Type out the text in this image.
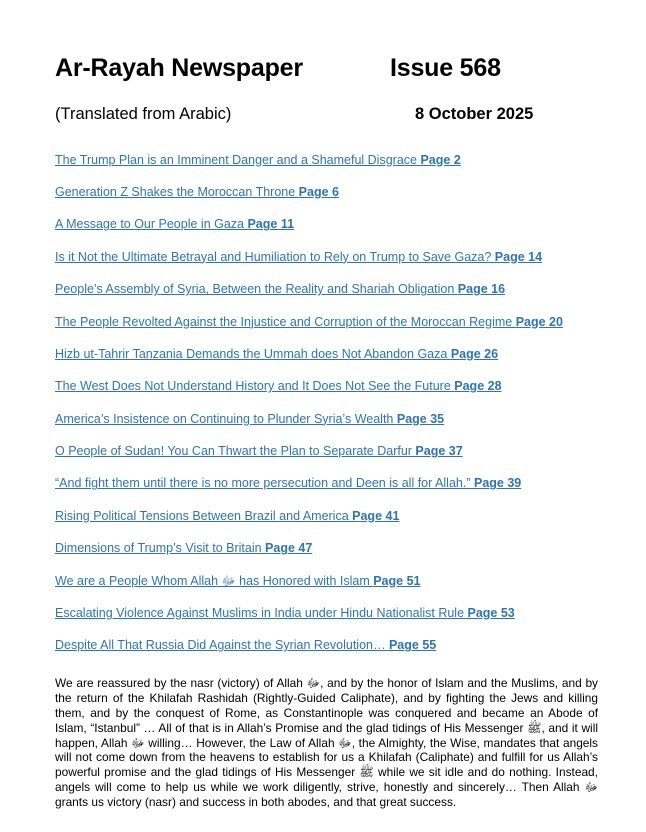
Ar-Rayah Newspaper	Issue 568
(Translated from Arabic)	8 October 2025
The Trump Plan is an Imminent Danger and a Shameful Disgrace Page 2
Generation Z Shakes the Moroccan Throne Page 6
A Message to Our People in Gaza Page 11
Is it Not the Ultimate Betrayal and Humiliation to Rely on Trump to Save Gaza? Page 14
People’s Assembly of Syria, Between the Reality and Shariah Obligation Page 16
The People Revolted Against the Injustice and Corruption of the Moroccan Regime Page 20
Hizb ut-Tahrir Tanzania Demands the Ummah does Not Abandon Gaza Page 26
The West Does Not Understand History and It Does Not See the Future Page 28
America’s Insistence on Continuing to Plunder Syria’s Wealth Page 35
O People of Sudan! You Can Thwart the Plan to Separate Darfur Page 37
“And fight them until there is no more persecution and Deen is all for Allah.” Page 39
Rising Political Tensions Between Brazil and America Page 41
Dimensions of Trump’s Visit to Britain Page 47
We are a People Whom Allah ﷻ has Honored with Islam Page 51
Escalating Violence Against Muslims in India under Hindu Nationalist Rule Page 53
Despite All That Russia Did Against the Syrian Revolution… Page 55

We are reassured by the nasr (victory) of Allah ﷻ, and by the honor of Islam and the Muslims, and by the return of the Khilafah Rashidah (Rightly-Guided Caliphate), and by fighting the Jews and killing them, and by the conquest of Rome, as Constantinople was conquered and became an Abode of Islam, “Istanbul” … All of that is in Allah’s Promise and the glad tidings of His Messenger ﷺ, and it will happen, Allah ﷻ willing… However, the Law of Allah ﷻ, the Almighty, the Wise, mandates that angels will not come down from the heavens to establish for us a Khilafah (Caliphate) and fulfill for us Allah’s powerful promise and the glad tidings of His Messenger ﷺ while we sit idle and do nothing. Instead, angels will come to help us while we work diligently, strive, honestly and sincerely… Then Allah ﷻ grants us victory (nasr) and success in both abodes, and that great success.
